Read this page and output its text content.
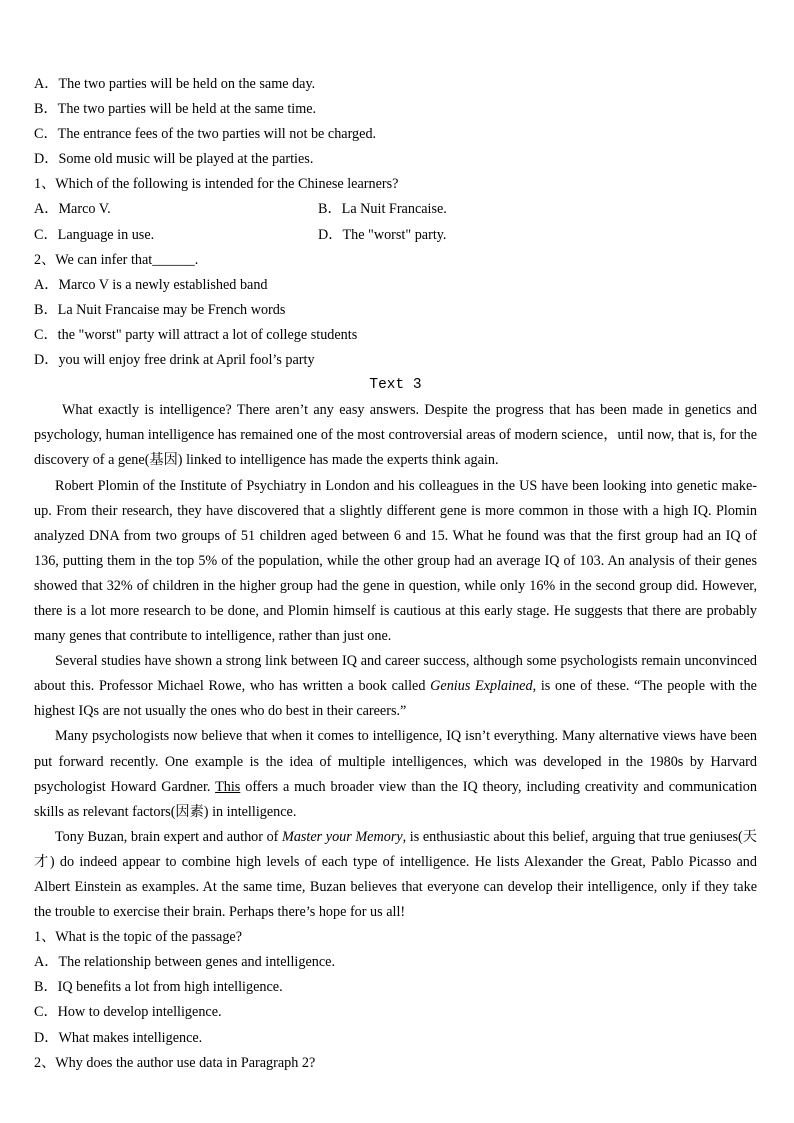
A．The two parties will be held on the same day.
B．The two parties will be held at the same time.
C．The entrance fees of the two parties will not be charged.
D．Some old music will be played at the parties.
1、Which of the following is intended for the Chinese learners?
A．Marco V.	B．La Nuit Francaise.
C．Language in use.	D．The "worst" party.
2、We can infer that______.
A．Marco V is a newly established band
B．La Nuit Francaise may be French words
C．the "worst" party will attract a lot of college students
D．you will enjoy free drink at April fool’s party
Text 3

What exactly is intelligence? There aren’t any easy answers. Despite the progress that has been made in genetics and psychology, human intelligence has remained one of the most controversial areas of modern science，until now, that is, for the discovery of a gene(基因) linked to intelligence has made the experts think again.

Robert Plomin of the Institute of Psychiatry in London and his colleagues in the US have been looking into genetic make-up. From their research, they have discovered that a slightly different gene is more common in those with a high IQ. Plomin analyzed DNA from two groups of 51 children aged between 6 and 15. What he found was that the first group had an IQ of 136, putting them in the top 5% of the population, while the other group had an average IQ of 103. An analysis of their genes showed that 32% of children in the higher group had the gene in question, while only 16% in the second group did. However, there is a lot more research to be done, and Plomin himself is cautious at this early stage. He suggests that there are probably many genes that contribute to intelligence, rather than just one.

Several studies have shown a strong link between IQ and career success, although some psychologists remain unconvinced about this. Professor Michael Rowe, who has written a book called Genius Explained, is one of these. “The people with the highest IQs are not usually the ones who do best in their careers.”

Many psychologists now believe that when it comes to intelligence, IQ isn’t everything. Many alternative views have been put forward recently. One example is the idea of multiple intelligences, which was developed in the 1980s by Harvard psychologist Howard Gardner. This offers a much broader view than the IQ theory, including creativity and communication skills as relevant factors(因素) in intelligence.

Tony Buzan, brain expert and author of Master your Memory, is enthusiastic about this belief, arguing that true geniuses(天才) do indeed appear to combine high levels of each type of intelligence. He lists Alexander the Great, Pablo Picasso and Albert Einstein as examples. At the same time, Buzan believes that everyone can develop their intelligence, only if they take the trouble to exercise their brain. Perhaps there’s hope for us all!

1、What is the topic of the passage?
A．The relationship between genes and intelligence.
B．IQ benefits a lot from high intelligence.
C．How to develop intelligence.
D．What makes intelligence.
2、Why does the author use data in Paragraph 2?
